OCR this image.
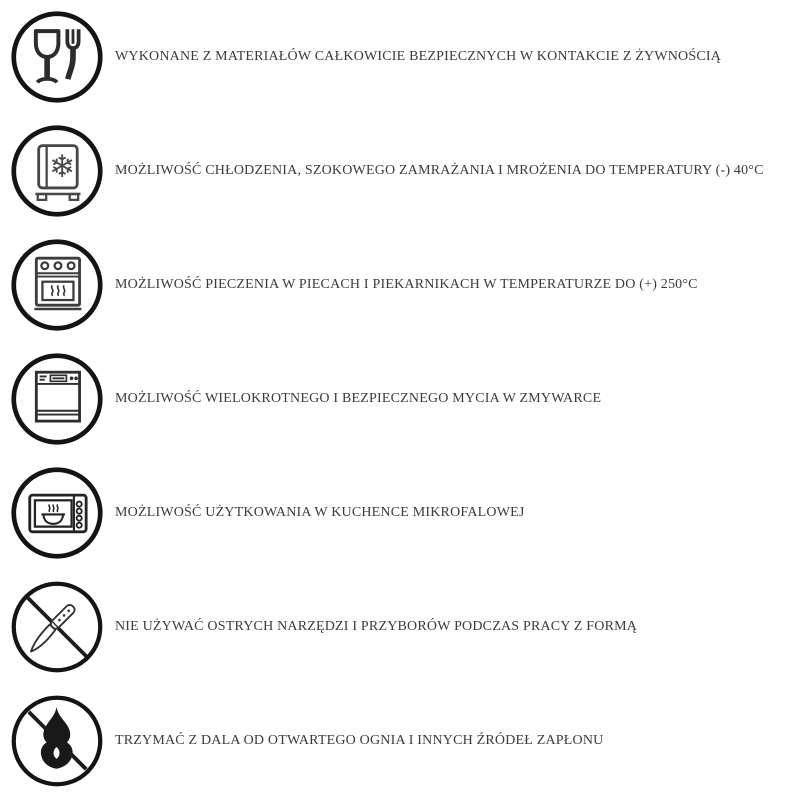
WYKONANE Z MATERIAŁÓW CAŁKOWICIE BEZPIECZNYCH W KONTAKCIE Z ŻYWNOŚCIĄ
❄	MOŻLIWOŚĆ CHŁODZENIA, SZOKOWEGO ZAMRAŻANIA I MROŻENIA DO TEMPERATURY (-) 40°C
MOŻLIWOŚĆ PIECZENIA W PIECACH I PIEKARNIKACH W TEMPERATURZE DO (+) 250°C
MOŻLIWOŚĆ WIELOKROTNEGO I BEZPIECZNEGO MYCIA W ZMYWARCE
MOŻLIWOŚĆ UŻYTKOWANIA W KUCHENCE MIKROFALOWEJ
NIE UŻYWAĆ OSTRYCH NARZĘDZI I PRZYBORÓW PODCZAS PRACY Z FORMĄ
TRZYMAĆ Z DALA OD OTWARTEGO OGNIA I INNYCH ŹRÓDEŁ ZAPŁONU
